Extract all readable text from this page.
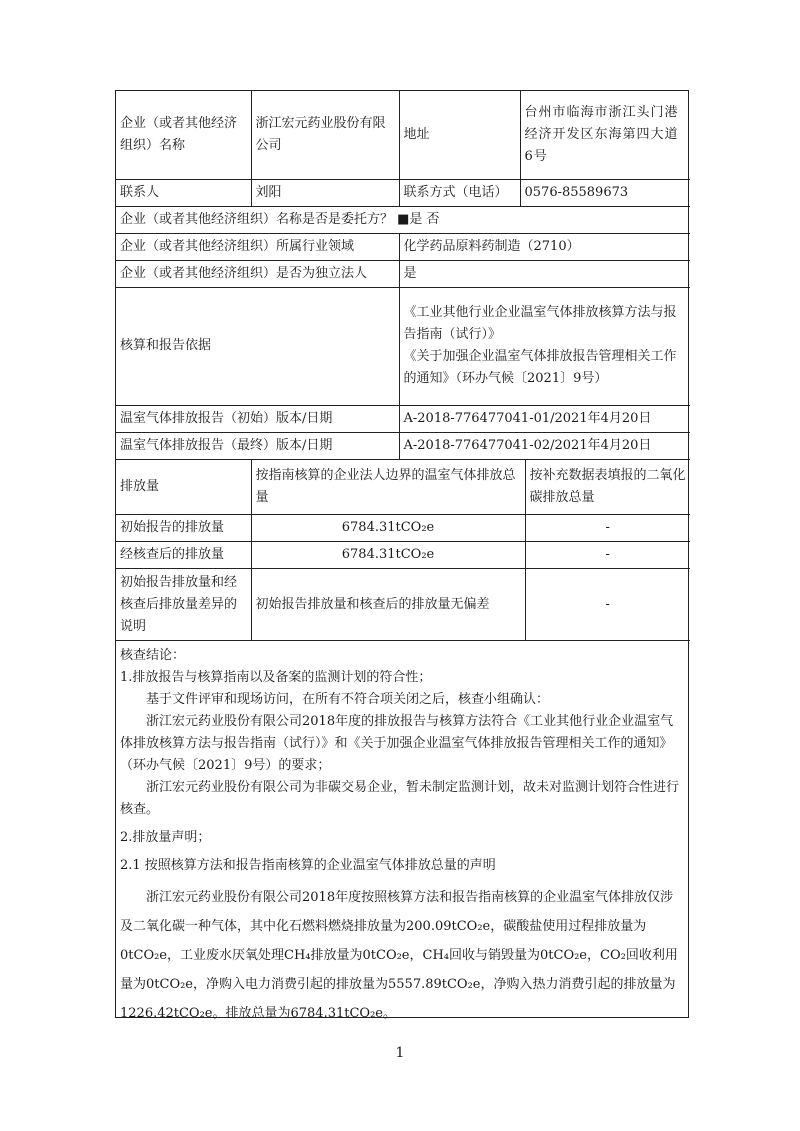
企业（或者其他经济组织）名称	浙江宏元药业股份有限公司	地址	台州市临海市浙江头门港经济开发区东海第四大道6号
联系人	刘阳	联系方式（电话）	0576-85589673
企业（或者其他经济组织）名称是否是委托方？ ■是 否			
企业（或者其他经济组织）所属行业领域		化学药品原料药制造（2710）	
企业（或者其他经济组织）是否为独立法人		是	
核算和报告依据		《工业其他行业企业温室气体排放核算方法与报告指南（试行）》
《关于加强企业温室气体排放报告管理相关工作的通知》（环办气候〔2021〕9号）	

温室气体排放报告（初始）版本/日期		A-2018-776477041-01/2021年4月20日	
温室气体排放报告（最终）版本/日期		A-2018-776477041-02/2021年4月20日	
排放量	按指南核算的企业法人边界的温室气体排放总量	按补充数据表填报的二氧化碳排放总量
初始报告的排放量	6784.31tCO₂e	-
经核查后的排放量	6784.31tCO₂e	-
初始报告排放量和经核查后排放量差异的说明	初始报告排放量和核查后的排放量无偏差	-

核查结论：

1.排放报告与核算指南以及备案的监测计划的符合性；

基于文件评审和现场访问，在所有不符合项关闭之后，核查小组确认：

浙江宏元药业股份有限公司2018年度的排放报告与核算方法符合《工业其他行业企业温室气体排放核算方法与报告指南（试行）》和《关于加强企业温室气体排放报告管理相关工作的通知》（环办气候〔2021〕9号）的要求；

浙江宏元药业股份有限公司为非碳交易企业，暂未制定监测计划，故未对监测计划符合性进行核查。

2.排放量声明；

2.1 按照核算方法和报告指南核算的企业温室气体排放总量的声明

浙江宏元药业股份有限公司2018年度按照核算方法和报告指南核算的企业温室气体排放仅涉及二氧化碳一种气体，其中化石燃料燃烧排放量为200.09tCO₂e，碳酸盐使用过程排放量为0tCO₂e，工业废水厌氧处理CH₄排放量为0tCO₂e，CH₄回收与销毁量为0tCO₂e，CO₂回收利用量为0tCO₂e，净购入电力消费引起的排放量为5557.89tCO₂e，净购入热力消费引起的排放量为1226.42tCO₂e。排放总量为6784.31tCO₂e。

1
